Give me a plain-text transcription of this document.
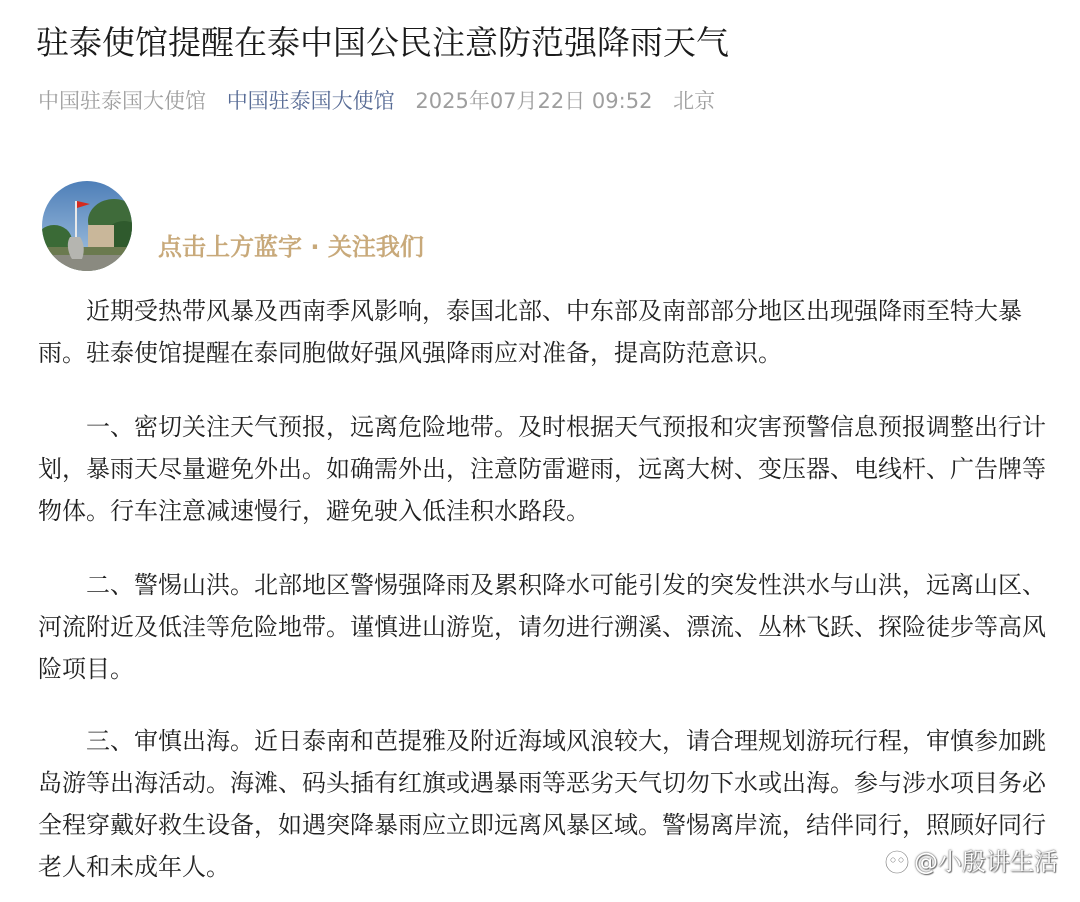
驻泰使馆提醒在泰中国公民注意防范强降雨天气
中国驻泰国大使馆 中国驻泰国大使馆 2025年07月22日 09:52 北京
点击上方蓝字 · 关注我们

近期受热带风暴及西南季风影响，泰国北部、中东部及南部部分地区出现强降雨至特大暴雨。驻泰使馆提醒在泰同胞做好强风强降雨应对准备，提高防范意识。

一、密切关注天气预报，远离危险地带。及时根据天气预报和灾害预警信息预报调整出行计划，暴雨天尽量避免外出。如确需外出，注意防雷避雨，远离大树、变压器、电线杆、广告牌等物体。行车注意减速慢行，避免驶入低洼积水路段。

二、警惕山洪。北部地区警惕强降雨及累积降水可能引发的突发性洪水与山洪，远离山区、河流附近及低洼等危险地带。谨慎进山游览，请勿进行溯溪、漂流、丛林飞跃、探险徒步等高风险项目。

三、审慎出海。近日泰南和芭提雅及附近海域风浪较大，请合理规划游玩行程，审慎参加跳岛游等出海活动。海滩、码头插有红旗或遇暴雨等恶劣天气切勿下水或出海。参与涉水项目务必全程穿戴好救生设备，如遇突降暴雨应立即远离风暴区域。警惕离岸流，结伴同行，照顾好同行老人和未成年人。	@小殷讲生活
